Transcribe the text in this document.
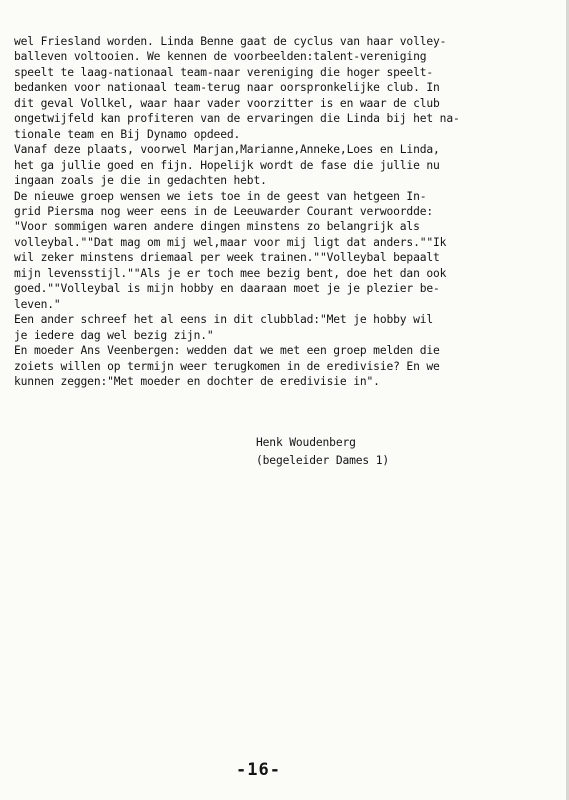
wel Friesland worden. Linda Benne gaat de cyclus van haar volley-
balleven voltooien. We kennen de voorbeelden:talent-vereniging
speelt te laag-nationaal team-naar vereniging die hoger speelt-
bedanken voor nationaal team-terug naar oorspronkelijke club. In
dit geval Vollkel, waar haar vader voorzitter is en waar de club
ongetwijfeld kan profiteren van de ervaringen die Linda bij het na-
tionale team en Bij Dynamo opdeed.
Vanaf deze plaats, voorwel Marjan,Marianne,Anneke,Loes en Linda,
het ga jullie goed en fijn. Hopelijk wordt de fase die jullie nu
ingaan zoals je die in gedachten hebt.
De nieuwe groep wensen we iets toe in de geest van hetgeen In-
grid Piersma nog weer eens in de Leeuwarder Courant verwoordde:
"Voor sommigen waren andere dingen minstens zo belangrijk als
volleybal.""Dat mag om mij wel,maar voor mij ligt dat anders.""Ik
wil zeker minstens driemaal per week trainen.""Volleybal bepaalt
mijn levensstijl.""Als je er toch mee bezig bent, doe het dan ook
goed.""Volleybal is mijn hobby en daaraan moet je je plezier be-
leven."
Een ander schreef het al eens in dit clubblad:"Met je hobby wil
je iedere dag wel bezig zijn."
En moeder Ans Veenbergen: wedden dat we met een groep melden die
zoiets willen op termijn weer terugkomen in de eredivisie? En we
kunnen zeggen:"Met moeder en dochter de eredivisie in".
Henk Woudenberg
(begeleider Dames 1)
-16-
